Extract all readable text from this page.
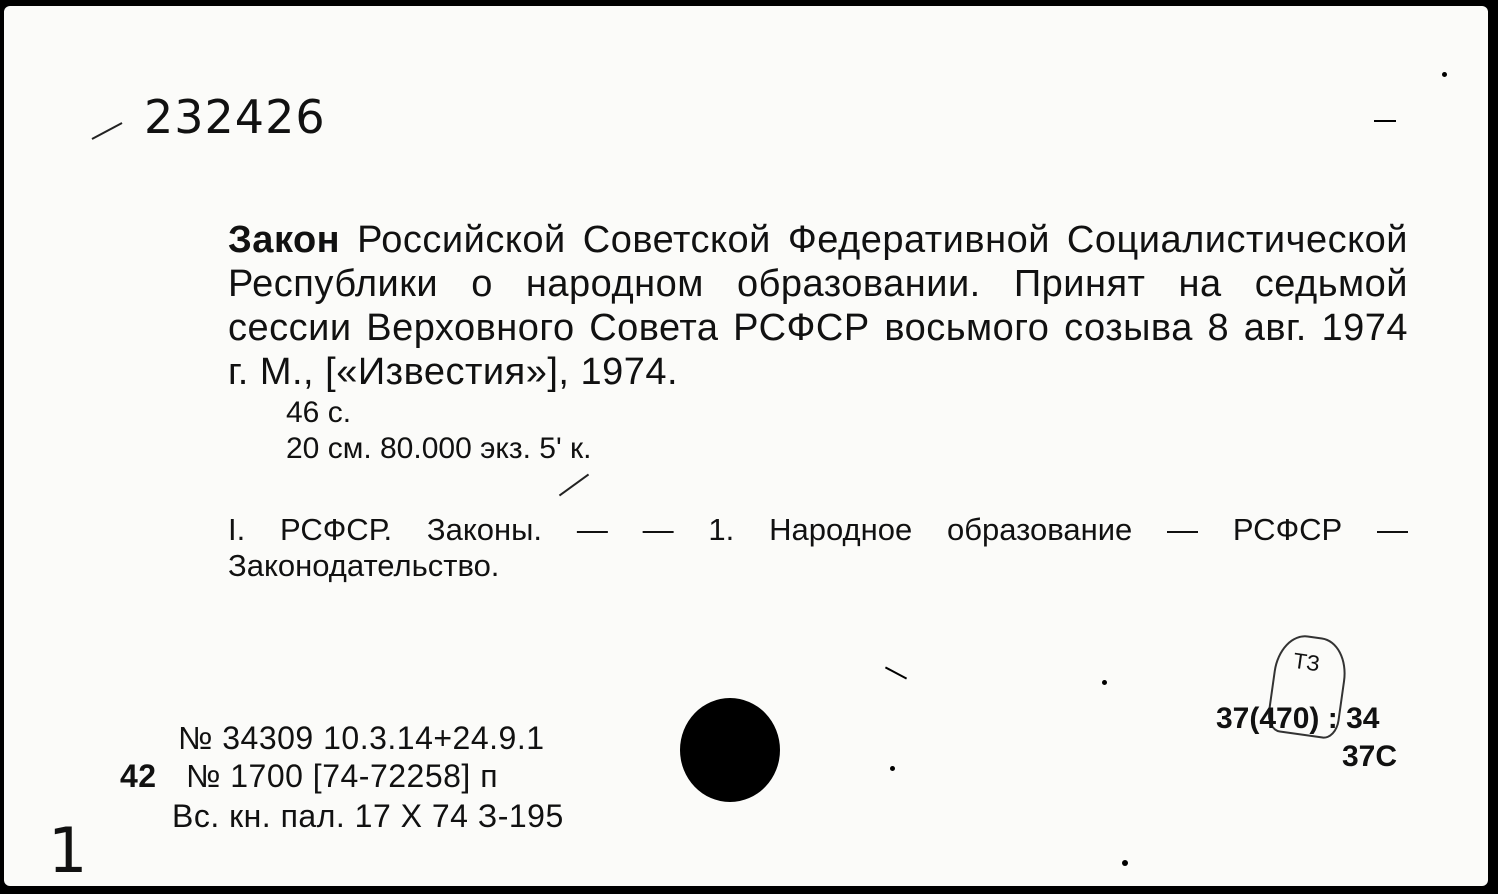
232426
Закон Российской Советской Федеративной Социалистической Республики о народном образовании. Принят на седьмой сессии Верховного Совета РСФСР восьмого созыва 8 авг. 1974 г. М., [«Известия»], 1974.
46 с.
20 см. 80.000 экз. 5' к.
I. РСФСР. Законы. — — 1. Народное образование — РСФСР — Законодательство.
№ 34309 10.3.14+24.9.1
42 № 1700 [74-72258] п
Вс. кн. пал. 17 X 74 З-195
ТЗ
37(470) : 34
37С
1
